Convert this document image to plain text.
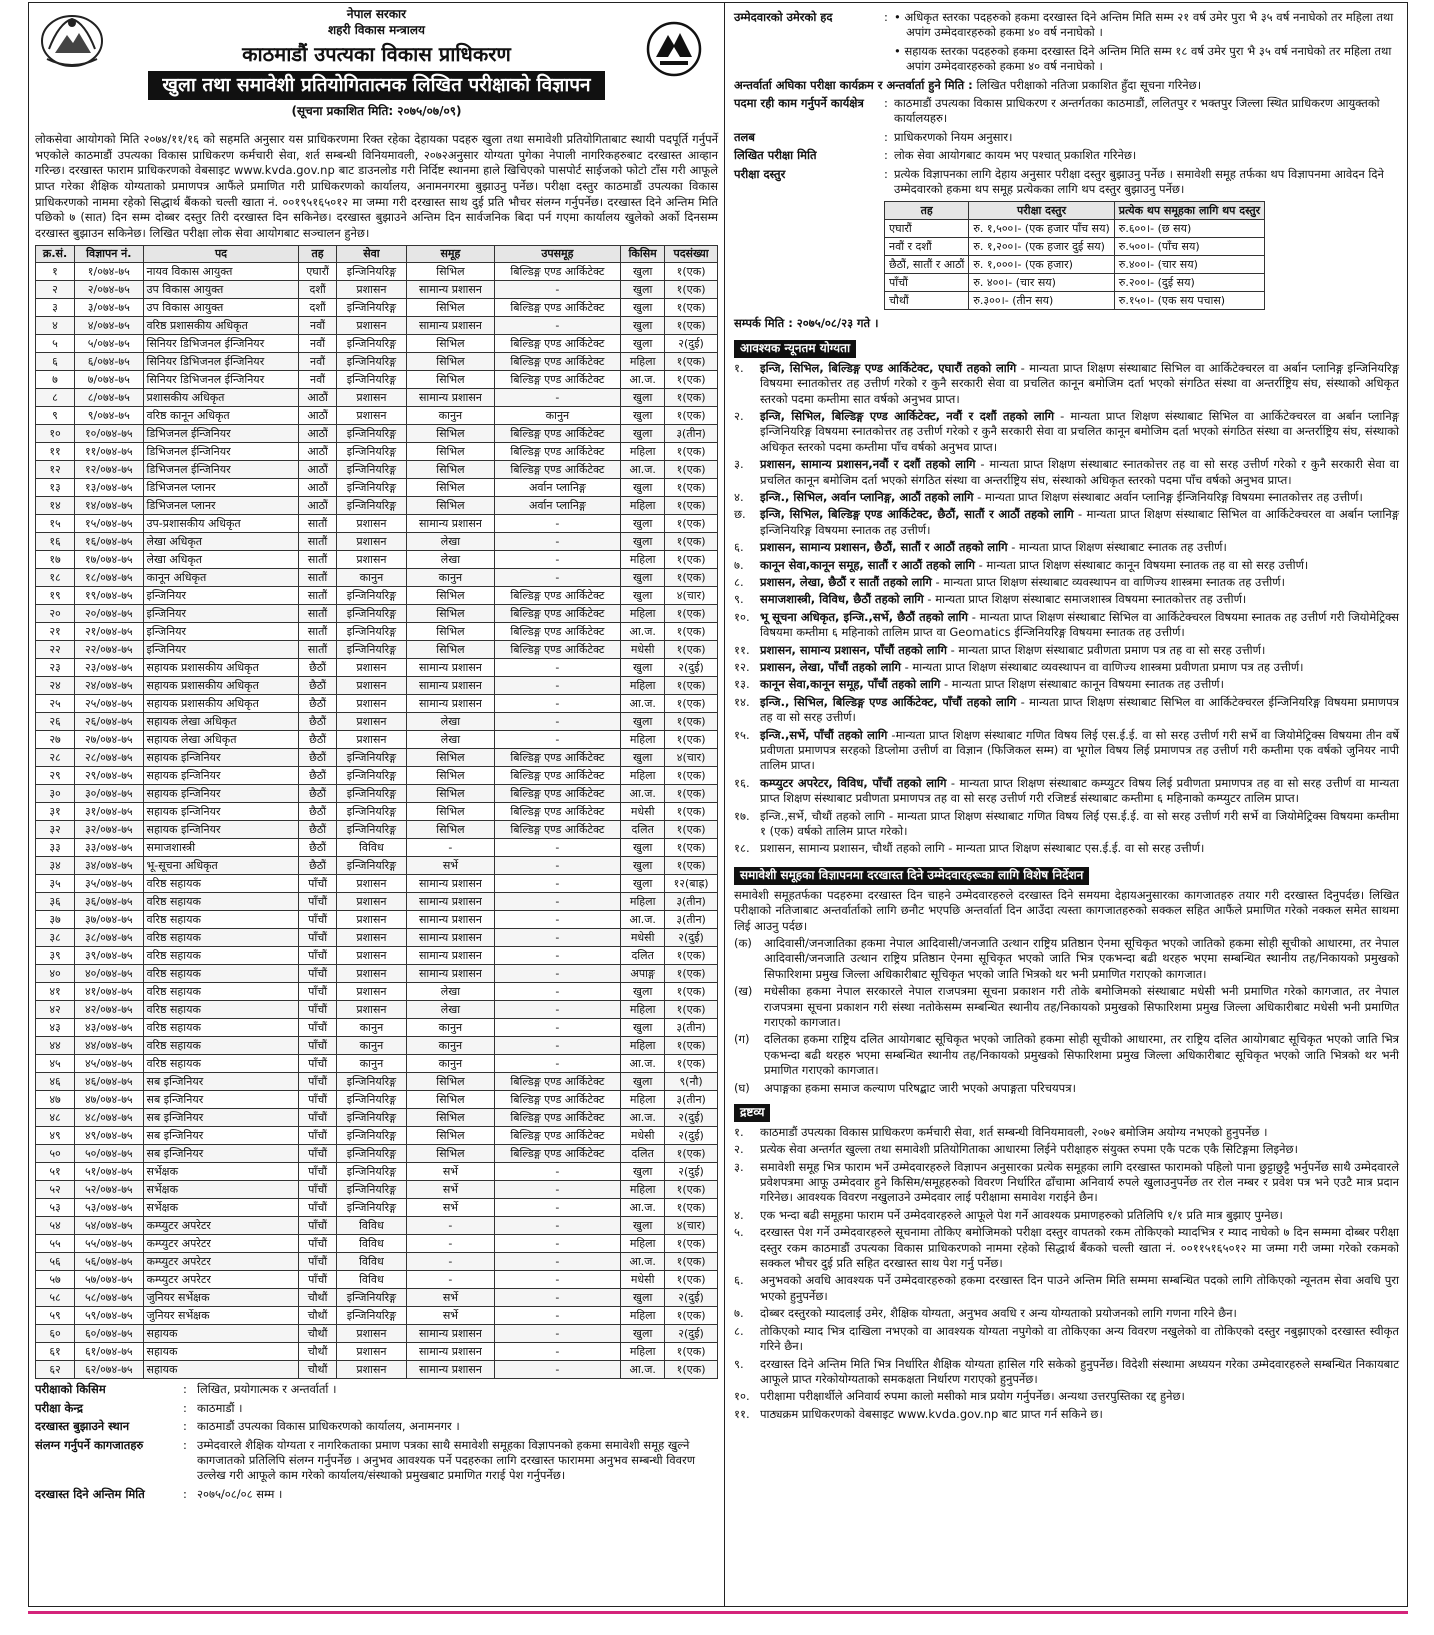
नेपाल सरकार
शहरी विकास मन्त्रालय
काठमाडौं उपत्यका विकास प्राधिकरण
खुला तथा समावेशी प्रतियोगितात्मक लिखित परीक्षाको विज्ञापन
(सूचना प्रकाशित मिति: २०७५/०७/०९)
लोकसेवा आयोगको मिति २०७४/११/१६ को सहमति अनुसार यस प्राधिकरणमा रिक्त रहेका देहायका पदहरु खुला तथा समावेशी प्रतियोगिताबाट स्थायी पदपूर्ति गर्नुपर्ने भएकोले काठमाडौं उपत्यका विकास प्राधिकरण कर्मचारी सेवा, शर्त सम्बन्धी विनियमावली, २०७२अनुसार योग्यता पुगेका नेपाली नागरिकहरुबाट दरखास्त आव्हान गरिन्छ। दरखास्त फाराम प्राधिकरणको वेबसाइट www.kvda.gov.np बाट डाउनलोड गरी निर्दिष्ट स्थानमा हाले खिचिएको पासपोर्ट साईजको फोटो टाँस गरी आफूले प्राप्त गरेका शैक्षिक योग्यताको प्रमाणपत्र आफैंले प्रमाणित गरी प्राधिकरणको कार्यालय, अनामनगरमा बुझाउनु पर्नेछ। परीक्षा दस्तुर काठमाडौं उपत्यका विकास प्राधिकरणको नाममा रहेको सिद्धार्थ बैंकको चल्ती खाता नं. ००१९५१६५०१२ मा जम्मा गरी दरखास्त साथ दुई प्रति भौचर संलग्न गर्नुपर्नेछ। दरखास्त दिने अन्तिम मिति पछिको ७ (सात) दिन सम्म दोब्बर दस्तुर तिरी दरखास्त दिन सकिनेछ। दरखास्त बुझाउने अन्तिम दिन सार्वजनिक बिदा पर्न गएमा कार्यालय खुलेको अर्को दिनसम्म दरखास्त बुझाउन सकिनेछ। लिखित परीक्षा लोक सेवा आयोगबाट सञ्चालन हुनेछ।
क्र.सं.	विज्ञापन नं.	पद	तह	सेवा	समूह	उपसमूह	किसिम	पदसंख्या
१	१/०७४-७५	नायव विकास आयुक्त	एघारौं	इन्जिनियरिङ्ग	सिभिल	बिल्डिङ्ग एण्ड आर्किटेक्ट	खुला	१(एक)
२	२/०७४-७५	उप विकास आयुक्त	दशौं	प्रशासन	सामान्य प्रशासन	-	खुला	१(एक)
३	३/०७४-७५	उप विकास आयुक्त	दशौं	इन्जिनियरिङ्ग	सिभिल	बिल्डिङ्ग एण्ड आर्किटेक्ट	खुला	१(एक)
४	४/०७४-७५	वरिष्ठ प्रशासकीय अधिकृत	नवौं	प्रशासन	सामान्य प्रशासन	-	खुला	१(एक)
५	५/०७४-७५	सिनियर डिभिजनल ईन्जिनियर	नवौं	इन्जिनियरिङ्ग	सिभिल	बिल्डिङ्ग एण्ड आर्किटेक्ट	खुला	२(दुई)
६	६/०७४-७५	सिनियर डिभिजनल ईन्जिनियर	नवौं	इन्जिनियरिङ्ग	सिभिल	बिल्डिङ्ग एण्ड आर्किटेक्ट	महिला	१(एक)
७	७/०७४-७५	सिनियर डिभिजनल ईन्जिनियर	नवौं	इन्जिनियरिङ्ग	सिभिल	बिल्डिङ्ग एण्ड आर्किटेक्ट	आ.ज.	१(एक)
८	८/०७४-७५	प्रशासकीय अधिकृत	आठौं	प्रशासन	सामान्य प्रशासन	-	खुला	१(एक)
९	९/०७४-७५	वरिष्ठ कानून अधिकृत	आठौं	प्रशासन	कानुन	कानुन	खुला	१(एक)
१०	१०/०७४-७५	डिभिजनल ईन्जिनियर	आठौं	इन्जिनियरिङ्ग	सिभिल	बिल्डिङ्ग एण्ड आर्किटेक्ट	खुला	३(तीन)
११	११/०७४-७५	डिभिजनल ईन्जिनियर	आठौं	इन्जिनियरिङ्ग	सिभिल	बिल्डिङ्ग एण्ड आर्किटेक्ट	महिला	१(एक)
१२	१२/०७४-७५	डिभिजनल ईन्जिनियर	आठौं	इन्जिनियरिङ्ग	सिभिल	बिल्डिङ्ग एण्ड आर्किटेक्ट	आ.ज.	१(एक)
१३	१३/०७४-७५	डिभिजनल प्लानर	आठौं	इन्जिनियरिङ्ग	सिभिल	अर्वान प्लानिङ्ग	खुला	१(एक)
१४	१४/०७४-७५	डिभिजनल प्लानर	आठौं	इन्जिनियरिङ्ग	सिभिल	अर्वान प्लानिङ्ग	महिला	१(एक)
१५	१५/०७४-७५	उप-प्रशासकीय अधिकृत	सातौं	प्रशासन	सामान्य प्रशासन	-	खुला	१(एक)
१६	१६/०७४-७५	लेखा अधिकृत	सातौं	प्रशासन	लेखा	-	खुला	१(एक)
१७	१७/०७४-७५	लेखा अधिकृत	सातौं	प्रशासन	लेखा	-	महिला	१(एक)
१८	१८/०७४-७५	कानून अधिकृत	सातौं	कानुन	कानुन	-	खुला	१(एक)
१९	१९/०७४-७५	इन्जिनियर	सातौं	इन्जिनियरिङ्ग	सिभिल	बिल्डिङ्ग एण्ड आर्किटेक्ट	खुला	४(चार)
२०	२०/०७४-७५	इन्जिनियर	सातौं	इन्जिनियरिङ्ग	सिभिल	बिल्डिङ्ग एण्ड आर्किटेक्ट	महिला	१(एक)
२१	२१/०७४-७५	इन्जिनियर	सातौं	इन्जिनियरिङ्ग	सिभिल	बिल्डिङ्ग एण्ड आर्किटेक्ट	आ.ज.	१(एक)
२२	२२/०७४-७५	इन्जिनियर	सातौं	इन्जिनियरिङ्ग	सिभिल	बिल्डिङ्ग एण्ड आर्किटेक्ट	मधेसी	१(एक)
२३	२३/०७४-७५	सहायक प्रशासकीय अधिकृत	छैठौं	प्रशासन	सामान्य प्रशासन	-	खुला	२(दुई)
२४	२४/०७४-७५	सहायक प्रशासकीय अधिकृत	छैठौं	प्रशासन	सामान्य प्रशासन	-	महिला	१(एक)
२५	२५/०७४-७५	सहायक प्रशासकीय अधिकृत	छैठौं	प्रशासन	सामान्य प्रशासन	-	आ.ज.	१(एक)
२६	२६/०७४-७५	सहायक लेखा अधिकृत	छैठौं	प्रशासन	लेखा	-	खुला	१(एक)
२७	२७/०७४-७५	सहायक लेखा अधिकृत	छैठौं	प्रशासन	लेखा	-	महिला	१(एक)
२८	२८/०७४-७५	सहायक इन्जिनियर	छैठौं	इन्जिनियरिङ्ग	सिभिल	बिल्डिङ्ग एण्ड आर्किटेक्ट	खुला	४(चार)
२९	२९/०७४-७५	सहायक इन्जिनियर	छैठौं	इन्जिनियरिङ्ग	सिभिल	बिल्डिङ्ग एण्ड आर्किटेक्ट	महिला	१(एक)
३०	३०/०७४-७५	सहायक इन्जिनियर	छैठौं	इन्जिनियरिङ्ग	सिभिल	बिल्डिङ्ग एण्ड आर्किटेक्ट	आ.ज.	१(एक)
३१	३१/०७४-७५	सहायक इन्जिनियर	छैठौं	इन्जिनियरिङ्ग	सिभिल	बिल्डिङ्ग एण्ड आर्किटेक्ट	मधेसी	१(एक)
३२	३२/०७४-७५	सहायक इन्जिनियर	छैठौं	इन्जिनियरिङ्ग	सिभिल	बिल्डिङ्ग एण्ड आर्किटेक्ट	दलित	१(एक)
३३	३३/०७४-७५	समाजशास्त्री	छैठौं	विविध	-	-	खुला	१(एक)
३४	३४/०७४-७५	भू-सूचना अधिकृत	छैठौं	इन्जिनियरिङ्ग	सर्भे	-	खुला	१(एक)
३५	३५/०७४-७५	वरिष्ठ सहायक	पाँचौं	प्रशासन	सामान्य प्रशासन	-	खुला	१२(बाह्र)
३६	३६/०७४-७५	वरिष्ठ सहायक	पाँचौं	प्रशासन	सामान्य प्रशासन	-	महिला	३(तीन)
३७	३७/०७४-७५	वरिष्ठ सहायक	पाँचौं	प्रशासन	सामान्य प्रशासन	-	आ.ज.	३(तीन)
३८	३८/०७४-७५	वरिष्ठ सहायक	पाँचौं	प्रशासन	सामान्य प्रशासन	-	मधेसी	२(दुई)
३९	३९/०७४-७५	वरिष्ठ सहायक	पाँचौं	प्रशासन	सामान्य प्रशासन	-	दलित	१(एक)
४०	४०/०७४-७५	वरिष्ठ सहायक	पाँचौं	प्रशासन	सामान्य प्रशासन	-	अपाङ्ग	१(एक)
४१	४१/०७४-७५	वरिष्ठ सहायक	पाँचौं	प्रशासन	लेखा	-	खुला	१(एक)
४२	४२/०७४-७५	वरिष्ठ सहायक	पाँचौं	प्रशासन	लेखा	-	महिला	१(एक)
४३	४३/०७४-७५	वरिष्ठ सहायक	पाँचौं	कानुन	कानुन	-	खुला	३(तीन)
४४	४४/०७४-७५	वरिष्ठ सहायक	पाँचौं	कानुन	कानुन	-	महिला	१(एक)
४५	४५/०७४-७५	वरिष्ठ सहायक	पाँचौं	कानुन	कानुन	-	आ.ज.	१(एक)
४६	४६/०७४-७५	सब इन्जिनियर	पाँचौं	इन्जिनियरिङ्ग	सिभिल	बिल्डिङ्ग एण्ड आर्किटेक्ट	खुला	९(नौ)
४७	४७/०७४-७५	सब इन्जिनियर	पाँचौं	इन्जिनियरिङ्ग	सिभिल	बिल्डिङ्ग एण्ड आर्किटेक्ट	महिला	३(तीन)
४८	४८/०७४-७५	सब इन्जिनियर	पाँचौं	इन्जिनियरिङ्ग	सिभिल	बिल्डिङ्ग एण्ड आर्किटेक्ट	आ.ज.	२(दुई)
४९	४९/०७४-७५	सब इन्जिनियर	पाँचौं	इन्जिनियरिङ्ग	सिभिल	बिल्डिङ्ग एण्ड आर्किटेक्ट	मधेसी	२(दुई)
५०	५०/०७४-७५	सब इन्जिनियर	पाँचौं	इन्जिनियरिङ्ग	सिभिल	बिल्डिङ्ग एण्ड आर्किटेक्ट	दलित	१(एक)
५१	५१/०७४-७५	सर्भेक्षक	पाँचौं	इन्जिनियरिङ्ग	सर्भे	-	खुला	२(दुई)
५२	५२/०७४-७५	सर्भेक्षक	पाँचौं	इन्जिनियरिङ्ग	सर्भे	-	महिला	१(एक)
५३	५३/०७४-७५	सर्भेक्षक	पाँचौं	इन्जिनियरिङ्ग	सर्भे	-	आ.ज.	१(एक)
५४	५४/०७४-७५	कम्प्युटर अपरेटर	पाँचौं	विविध	-	-	खुला	४(चार)
५५	५५/०७४-७५	कम्प्युटर अपरेटर	पाँचौं	विविध	-	-	महिला	१(एक)
५६	५६/०७४-७५	कम्प्युटर अपरेटर	पाँचौं	विविध	-	-	आ.ज.	१(एक)
५७	५७/०७४-७५	कम्प्युटर अपरेटर	पाँचौं	विविध	-	-	मधेसी	१(एक)
५८	५८/०७४-७५	जुनियर सर्भेक्षक	चौथौं	इन्जिनियरिङ्ग	सर्भे	-	खुला	२(दुई)
५९	५९/०७४-७५	जुनियर सर्भेक्षक	चौथौं	इन्जिनियरिङ्ग	सर्भे	-	महिला	१(एक)
६०	६०/०७४-७५	सहायक	चौथौं	प्रशासन	सामान्य प्रशासन	-	खुला	२(दुई)
६१	६१/०७४-७५	सहायक	चौथौं	प्रशासन	सामान्य प्रशासन	-	महिला	१(एक)
६२	६२/०७४-७५	सहायक	चौथौं	प्रशासन	सामान्य प्रशासन	-	आ.ज.	१(एक)
परीक्षाको किसिम	: लिखित, प्रयोगात्मक र अन्तर्वार्ता ।
परीक्षा केन्द्र	: काठमाडौं ।
दरखास्त बुझाउने स्थान	: काठमाडौं उपत्यका विकास प्राधिकरणको कार्यालय, अनामनगर ।
संलग्न गर्नुपर्ने कागजातहरु	: उम्मेदवारले शैक्षिक योग्यता र नागरिकताका प्रमाण पत्रका साथै समावेशी समूहका विज्ञापनको हकमा समावेशी समूह खुल्ने कागजातको प्रतिलिपि संलग्न गर्नुपर्नेछ । अनुभव आवश्यक पर्ने पदहरुका लागि दरखास्त फाराममा अनुभव सम्बन्धी विवरण उल्लेख गरी आफूले काम गरेको कार्यालय/संस्थाको प्रमुखबाट प्रमाणित गराई पेश गर्नुपर्नेछ।
दरखास्त दिने अन्तिम मिति	: २०७५/०८/०८ सम्म ।
उम्मेदवारको उमेरको हद	: • अधिकृत स्तरका पदहरुको हकमा दरखास्त दिने अन्तिम मिति सम्म २१ वर्ष उमेर पुरा भै ३५ वर्ष ननाघेको तर महिला तथा अपांग उम्मेदवारहरुको हकमा ४० वर्ष ननाघेको ।
• सहायक स्तरका पदहरुको हकमा दरखास्त दिने अन्तिम मिति सम्म १८ वर्ष उमेर पुरा भै ३५ वर्ष ननाघेको तर महिला तथा अपांग उम्मेदवारहरुको हकमा ४० वर्ष ननाघेको ।
अन्तर्वार्ता अघिका परीक्षा कार्यक्रम र अन्तर्वार्ता हुने मिति : लिखित परीक्षाको नतिजा प्रकाशित हुँदा सूचना गरिनेछ।
पदमा रही काम गर्नुपर्ने कार्यक्षेत्र	: काठमाडौं उपत्यका विकास प्राधिकरण र अन्तर्गतका काठमाडौं, ललितपुर र भक्तपुर जिल्ला स्थित प्राधिकरण आयुक्तको कार्यालयहरु।
तलब	: प्राधिकरणको नियम अनुसार।
लिखित परीक्षा मिति	: लोक सेवा आयोगबाट कायम भए पश्चात् प्रकाशित गरिनेछ।
परीक्षा दस्तुर	: प्रत्येक विज्ञापनका लागि देहाय अनुसार परीक्षा दस्तुर बुझाउनु पर्नेछ । समावेशी समूह तर्फका थप विज्ञापनमा आवेदन दिने उम्मेदवारको हकमा थप समूह प्रत्येकका लागि थप दस्तुर बुझाउनु पर्नेछ।
तह	परीक्षा दस्तुर	प्रत्येक थप समूहका लागि थप दस्तुर
एघारौं	रु. १,५००।- (एक हजार पाँच सय)	रु.६००।- (छ सय)
नवौं र दशौं	रु. १,२००।- (एक हजार दुई सय)	रु.५००।- (पाँच सय)
छैठौं, सातौं र आठौं	रु. १,०००।- (एक हजार)	रु.४००।- (चार सय)
पाँचौं	रु. ४००।- (चार सय)	रु.२००।- (दुई सय)
चौथौं	रु.३००।- (तीन सय)	रु.१५०।- (एक सय पचास)
सम्पर्क मिति : २०७५/०८/२३ गते ।
आवश्यक न्यूनतम योग्यता
१.	इन्जि, सिभिल, बिल्डिङ्ग एण्ड आर्किटेक्ट, एघारौं तहको लागि - मान्यता प्राप्त शिक्षण संस्थाबाट सिभिल वा आर्किटेक्चरल वा अर्बान प्लानिङ्ग इन्जिनियरिङ्ग विषयमा स्नातकोत्तर तह उत्तीर्ण गरेको र कुनै सरकारी सेवा वा प्रचलित कानून बमोजिम दर्ता भएको संगठित संस्था वा अन्तर्राष्ट्रिय संघ, संस्थाको अधिकृत स्तरको पदमा कम्तीमा सात वर्षको अनुभव प्राप्त।
२.	इन्जि, सिभिल, बिल्डिङ्ग एण्ड आर्किटेक्ट, नवौं र दशौं तहको लागि - मान्यता प्राप्त शिक्षण संस्थाबाट सिभिल वा आर्किटेक्चरल वा अर्बान प्लानिङ्ग इन्जिनियरिङ्ग विषयमा स्नातकोत्तर तह उत्तीर्ण गरेको र कुनै सरकारी सेवा वा प्रचलित कानून बमोजिम दर्ता भएको संगठित संस्था वा अन्तर्राष्ट्रिय संघ, संस्थाको अधिकृत स्तरको पदमा कम्तीमा पाँच वर्षको अनुभव प्राप्त।
३.	प्रशासन, सामान्य प्रशासन,नवौं र दशौं तहको लागि - मान्यता प्राप्त शिक्षण संस्थाबाट स्नातकोत्तर तह वा सो सरह उत्तीर्ण गरेको र कुनै सरकारी सेवा वा प्रचलित कानून बमोजिम दर्ता भएको संगठित संस्था वा अन्तर्राष्ट्रिय संघ, संस्थाको अधिकृत स्तरको पदमा पाँच वर्षको अनुभव प्राप्त।
४.	इन्जि., सिभिल, अर्वान प्लानिङ्ग, आठौं तहको लागि - मान्यता प्राप्त शिक्षण संस्थाबाट अर्वान प्लानिङ्ग ईन्जिनियरिङ्ग विषयमा स्नातकोत्तर तह उत्तीर्ण।
छ.	इन्जि, सिभिल, बिल्डिङ्ग एण्ड आर्किटेक्ट, छैठौं, सातौं र आठौं तहको लागि - मान्यता प्राप्त शिक्षण संस्थाबाट सिभिल वा आर्किटेक्चरल वा अर्बान प्लानिङ्ग इन्जिनियरिङ्ग विषयमा स्नातक तह उत्तीर्ण।
६.	प्रशासन, सामान्य प्रशासन, छैठौं, सातौं र आठौं तहको लागि - मान्यता प्राप्त शिक्षण संस्थाबाट स्नातक तह उत्तीर्ण।
७.	कानून सेवा,कानून समूह, सातौं र आठौं तहको लागि - मान्यता प्राप्त शिक्षण संस्थाबाट कानून विषयमा स्नातक तह वा सो सरह उत्तीर्ण।
८.	प्रशासन, लेखा, छैठौं र सातौं तहको लागि - मान्यता प्राप्त शिक्षण संस्थाबाट व्यवस्थापन वा वाणिज्य शास्त्रमा स्नातक तह उत्तीर्ण।
९.	समाजशास्त्री, विविध, छैठौं तहको लागि - मान्यता प्राप्त शिक्षण संस्थाबाट समाजशास्त्र विषयमा स्नातकोत्तर तह उत्तीर्ण।
१०. भू सूचना अधिकृत, इन्जि.,सर्भे, छैठौं तहको लागि - मान्यता प्राप्त शिक्षण संस्थाबाट सिभिल वा आर्किटेक्चरल विषयमा स्नातक तह उत्तीर्ण गरी जियोमेट्रिक्स विषयमा कम्तीमा ६ महिनाको तालिम प्राप्त वा Geomatics ईन्जिनियरिङ्ग विषयमा स्नातक तह उत्तीर्ण।
११. प्रशासन, सामान्य प्रशासन, पाँचौं तहको लागि - मान्यता प्राप्त शिक्षण संस्थाबाट प्रवीणता प्रमाण पत्र तह वा सो सरह उत्तीर्ण।
१२. प्रशासन, लेखा, पाँचौं तहको लागि - मान्यता प्राप्त शिक्षण संस्थाबाट व्यवस्थापन वा वाणिज्य शास्त्रमा प्रवीणता प्रमाण पत्र तह उत्तीर्ण।
१३. कानून सेवा,कानून समूह, पाँचौं तहको लागि - मान्यता प्राप्त शिक्षण संस्थाबाट कानून विषयमा स्नातक तह उत्तीर्ण।
१४. इन्जि., सिभिल, बिल्डिङ्ग एण्ड आर्किटेक्ट, पाँचौं तहको लागि - मान्यता प्राप्त शिक्षण संस्थाबाट सिभिल वा आर्किटेक्चरल ईन्जिनियरिङ्ग विषयमा प्रमाणपत्र तह वा सो सरह उत्तीर्ण।
१५. इन्जि.,सर्भे, पाँचौं तहको लागि -मान्यता प्राप्त शिक्षण संस्थाबाट गणित विषय लिई एस.ई.ई. वा सो सरह उत्तीर्ण गरी सर्भे वा जियोमेट्रिक्स विषयमा तीन वर्षे प्रवीणता प्रमाणपत्र सरहको डिप्लोमा उत्तीर्ण वा विज्ञान (फिजिकल सम्म) वा भूगोल विषय लिई प्रमाणपत्र तह उत्तीर्ण गरी कम्तीमा एक वर्षको जुनियर नापी तालिम प्राप्त।
१६. कम्प्युटर अपरेटर, विविध, पाँचौं तहको लागि - मान्यता प्राप्त शिक्षण संस्थाबाट कम्प्युटर विषय लिई प्रवीणता प्रमाणपत्र तह वा सो सरह उत्तीर्ण वा मान्यता प्राप्त शिक्षण संस्थाबाट प्रवीणता प्रमाणपत्र तह वा सो सरह उत्तीर्ण गरी रजिष्टर्ड संस्थाबाट कम्तीमा ६ महिनाको कम्प्युटर तालिम प्राप्त।
१७. इन्जि.,सर्भे, चौथौं तहको लागि - मान्यता प्राप्त शिक्षण संस्थाबाट गणित विषय लिई एस.ई.ई. वा सो सरह उत्तीर्ण गरी सर्भे वा जियोमेट्रिक्स विषयमा कम्तीमा १ (एक) वर्षको तालिम प्राप्त गरेको।
१८. प्रशासन, सामान्य प्रशासन, चौथौं तहको लागि - मान्यता प्राप्त शिक्षण संस्थाबाट एस.ई.ई. वा सो सरह उत्तीर्ण।
समावेशी समूहका विज्ञापनमा दरखास्त दिने उम्मेदवारहरूका लागि विशेष निर्देशन
समावेशी समूहतर्फका पदहरुमा दरखास्त दिन चाहने उम्मेदवारहरुले दरखास्त दिने समयमा देहायअनुसारका कागजातहरु तयार गरी दरखास्त दिनुपर्दछ। लिखित परीक्षाको नतिजाबाट अन्तर्वार्ताको लागि छनौट भएपछि अन्तर्वार्ता दिन आउँदा त्यस्ता कागजातहरुको सक्कल सहित आफैंले प्रमाणित गरेको नक्कल समेत साथमा लिई आउनु पर्दछ।
(क)	आदिवासी/जनजातिका हकमा नेपाल आदिवासी/जनजाति उत्थान राष्ट्रिय प्रतिष्ठान ऐनमा सूचिकृत भएको जातिको हकमा सोही सूचीको आधारमा, तर नेपाल आदिवासी/जनजाति उत्थान राष्ट्रिय प्रतिष्ठान ऐनमा सूचिकृत भएको जाति भित्र एकभन्दा बढी थरहरु भएमा सम्बन्धित स्थानीय तह/निकायको प्रमुखको सिफारिशमा प्रमुख जिल्ला अधिकारीबाट सूचिकृत भएको जाति भित्रको थर भनी प्रमाणित गराएको कागजात।
(ख)	मधेसीका हकमा नेपाल सरकारले नेपाल राजपत्रमा सूचना प्रकाशन गरी तोके बमोजिमको संस्थाबाट मधेसी भनी प्रमाणित गरेको कागजात, तर नेपाल राजपत्रमा सूचना प्रकाशन गरी संस्था नतोकेसम्म सम्बन्धित स्थानीय तह/निकायको प्रमुखको सिफारिशमा प्रमुख जिल्ला अधिकारीबाट मधेसी भनी प्रमाणित गराएको कागजात।
(ग)	दलितका हकमा राष्ट्रिय दलित आयोगबाट सूचिकृत भएको जातिको हकमा सोही सूचीको आधारमा, तर राष्ट्रिय दलित आयोगबाट सूचिकृत भएको जाति भित्र एकभन्दा बढी थरहरु भएमा सम्बन्धित स्थानीय तह/निकायको प्रमुखको सिफारिशमा प्रमुख जिल्ला अधिकारीबाट सूचिकृत भएको जाति भित्रको थर भनी प्रमाणित गराएको कागजात।
(घ)	अपाङ्गका हकमा समाज कल्याण परिषद्बाट जारी भएको अपाङ्गता परिचयपत्र।
द्रष्टव्य
१.	काठमाडौं उपत्यका विकास प्राधिकरण कर्मचारी सेवा, शर्त सम्बन्धी विनियमावली, २०७२ बमोजिम अयोग्य नभएको हुनुपर्नेछ ।
२.	प्रत्येक सेवा अन्तर्गत खुल्ला तथा समावेशी प्रतियोगिताका आधारमा लिईने परीक्षाहरु संयुक्त रुपमा एकै पटक एकै सिटिङ्गमा लिइनेछ।
३.	समावेशी समूह भित्र फाराम भर्ने उम्मेदवारहरुले विज्ञापन अनुसारका प्रत्येक समूहका लागि दरखास्त फारामको पहिलो पाना छुट्टाछुट्टै भर्नुपर्नेछ साथै उम्मेदवारले प्रवेशपत्रमा आफू उम्मेदवार हुने किसिम/समूहहरुको विवरण निर्धारित ढाँचामा अनिवार्य रुपले खुलाउनुपर्नेछ तर रोल नम्बर र प्रवेश पत्र भने एउटै मात्र प्रदान गरिनेछ। आवश्यक विवरण नखुलाउने उम्मेदवार लाई परीक्षामा समावेश गराईने छैन।
४.	एक भन्दा बढी समूहमा फाराम पर्ने उम्मेदवारहरुले आफूले पेश गर्ने आवश्यक प्रमाणहरुको प्रतिलिपि १/१ प्रति मात्र बुझाए पुग्नेछ।
५.	दरखास्त पेश गर्ने उम्मेदवारहरुले सूचनामा तोकिए बमोजिमको परीक्षा दस्तुर वापतको रकम तोकिएको म्यादभित्र र म्याद नाघेको ७ दिन सम्ममा दोब्बर परीक्षा दस्तुर रकम काठमाडौं उपत्यका विकास प्राधिकरणको नाममा रहेको सिद्धार्थ बैंकको चल्ती खाता नं. ००११५१६५०१२ मा जम्मा गरी जम्मा गरेको रकमको सक्कल भौचर दुई प्रति सहित दरखास्त साथ पेश गर्नु पर्नेछ।
६.	अनुभवको अवधि आवश्यक पर्ने उम्मेदवारहरुको हकमा दरखास्त दिन पाउने अन्तिम मिति सम्ममा सम्बन्धित पदको लागि तोकिएको न्यूनतम सेवा अवधि पुरा भएको हुनुपर्नेछ।
७.	दोब्बर दस्तुरको म्यादलाई उमेर, शैक्षिक योग्यता, अनुभव अवधि र अन्य योग्यताको प्रयोजनको लागि गणना गरिने छैन।
८.	तोकिएको म्याद भित्र दाखिला नभएको वा आवश्यक योग्यता नपुगेको वा तोकिएका अन्य विवरण नखुलेको वा तोकिएको दस्तुर नबुझाएको दरखास्त स्वीकृत गरिने छैन।
९.	दरखास्त दिने अन्तिम मिति भित्र निर्धारित शैक्षिक योग्यता हासिल गरि सकेको हुनुपर्नेछ। विदेशी संस्थामा अध्ययन गरेका उम्मेदवारहरुले सम्बन्धित निकायबाट आफूले प्राप्त गरेकोयोग्यताको समकक्षता निर्धारण गराएको हुनुपर्नेछ।
१०. परीक्षामा परीक्षार्थीले अनिवार्य रुपमा कालो मसीको मात्र प्रयोग गर्नुपर्नेछ। अन्यथा उत्तरपुस्तिका रद्द हुनेछ।
११. पाठ्यक्रम प्राधिकरणको वेबसाइट www.kvda.gov.np बाट प्राप्त गर्न सकिने छ।
